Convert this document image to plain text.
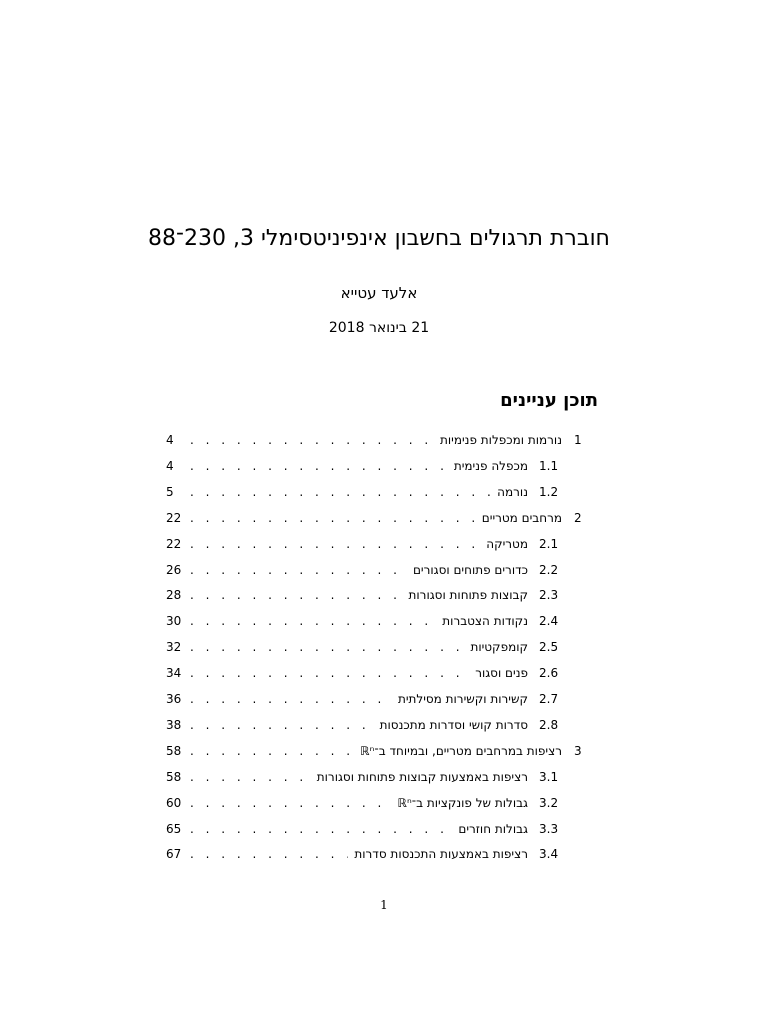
חוברת תרגולים בחשבון אינפיניטסימלי 3, 230־88
אלעד עטייא
21 בינואר 2018
תוכן עניינים
1
נורמות ומכפלות פנימיות
. . .
4
1.1
מכפלה פנימית
. . .
4
1.2
נורמה
. . .
5
2
מרחבים מטריים
. . .
22
2.1
מטריקה
. . .
22
2.2
כדורים פתוחים וסגורים
. . .
26
2.3
קבוצות פתוחות וסגורות
. . .
28
2.4
נקודות הצטברות
. . .
30
2.5
קומפקטיות
. . .
32
2.6
פנים וסגור
. . .
34
2.7
קשירות וקשירות מסילתית
. . .
36
2.8
סדרות קושי וסדרות מתכנסות
. . .
38
3
רציפות במרחבים מטריים, ובמיוחד ב־ℝⁿ
. . .
58
3.1
רציפות באמצעות קבוצות פתוחות וסגורות
. . .
58
3.2
גבולות של פונקציות ב־ℝⁿ
. . .
60
3.3
גבולות חוזרים
. . .
65
3.4
רציפות באמצעות התכנסות סדרות
. . .
67
1
